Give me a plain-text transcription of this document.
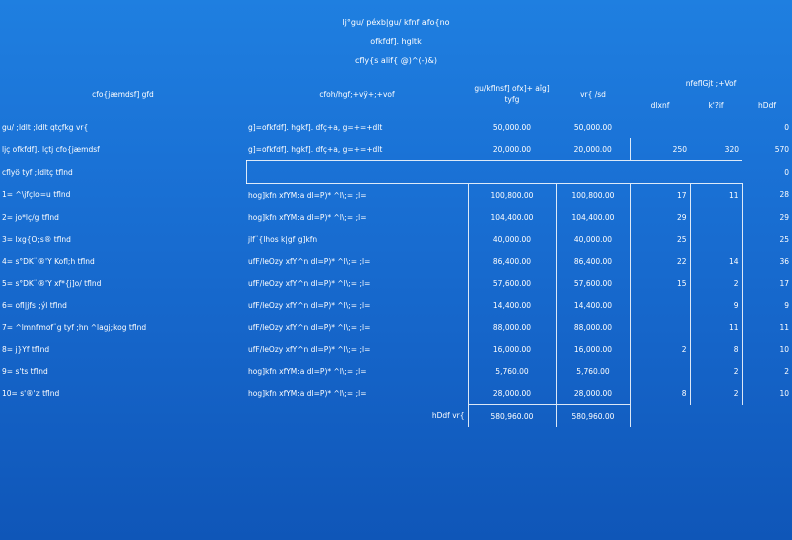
lj°gu/ péxb|gu/ kfnf afo{no
ofkfdf]. hgltk
cfly{s alif{ @)^(-)&)
cfo{jæmdsf] gfd	cfoh/hgf;+vÿ+;+vof	gu/kflnsf] ofx]+ aîg] tyfg	vr{ /sd	nfeflGjt ;+Vof		
				dlxnf	k'?if	hDdf
gu/ ;ldlt ;ldlt qtçfkg vr{	g]=ofkfdf]. hgkf]. dfç+a, g=+=+dlt	50,000.00	50,000.00			0
ljç ofkfdf]. lçtj cfo{jæmdsf	g]=ofkfdf]. hgkf]. dfç+a, g=+=+dlt	20,000.00	20,000.00	250	320	570
cflyö tyf ;ldltç tflnd						0
1= ^\jfçlo=u tflnd	hog]kfn xfYM:a dl=P)* ^l\;= ;l=	100,800.00	100,800.00	17	11	28
2= jo*lç/g tflnd	hog]kfn xfYM:a dl=P)* ^l\;= ;l=	104,400.00	104,400.00	29		29
3= lxg{O;s® tflnd	jlf¨{lhos k|gf g]kfn	40,000.00	40,000.00	25		25
4= s°DK¨®'Y Kofl;h tflnd	ufF/leOzy xfY^n dl=P)* ^l\;= ;l=	86,400.00	86,400.00	22	14	36
5= s°DK¨®'Y xf*{j]o/ tflnd	ufF/leOzy xfY^n dl=P)* ^l\;= ;l=	57,600.00	57,600.00	15	2	17
6= ofl|jfs ;ýl tflnd	ufF/leOzy xfY^n dl=P)* ^l\;= ;l=	14,400.00	14,400.00		9	9
7= ^lmnfmof¨g tyf ;hn ^lagj;kog tflnd	ufF/leOzy xfY^n dl=P)* ^l\;= ;l=	88,000.00	88,000.00		11	11
8= j}Yf tflnd	ufF/leOzy xfY^n dl=P)* ^l\;= ;l=	16,000.00	16,000.00	2	8	10
9= s'ts tflnd	hog]kfn xfYM:a dl=P)* ^l\;= ;l=	5,760.00	5,760.00		2	2
10= s'®'z tflnd	hog]kfn xfYM:a dl=P)* ^l\;= ;l=	28,000.00	28,000.00	8	2	10
	hDdf vr{	580,960.00	580,960.00			
